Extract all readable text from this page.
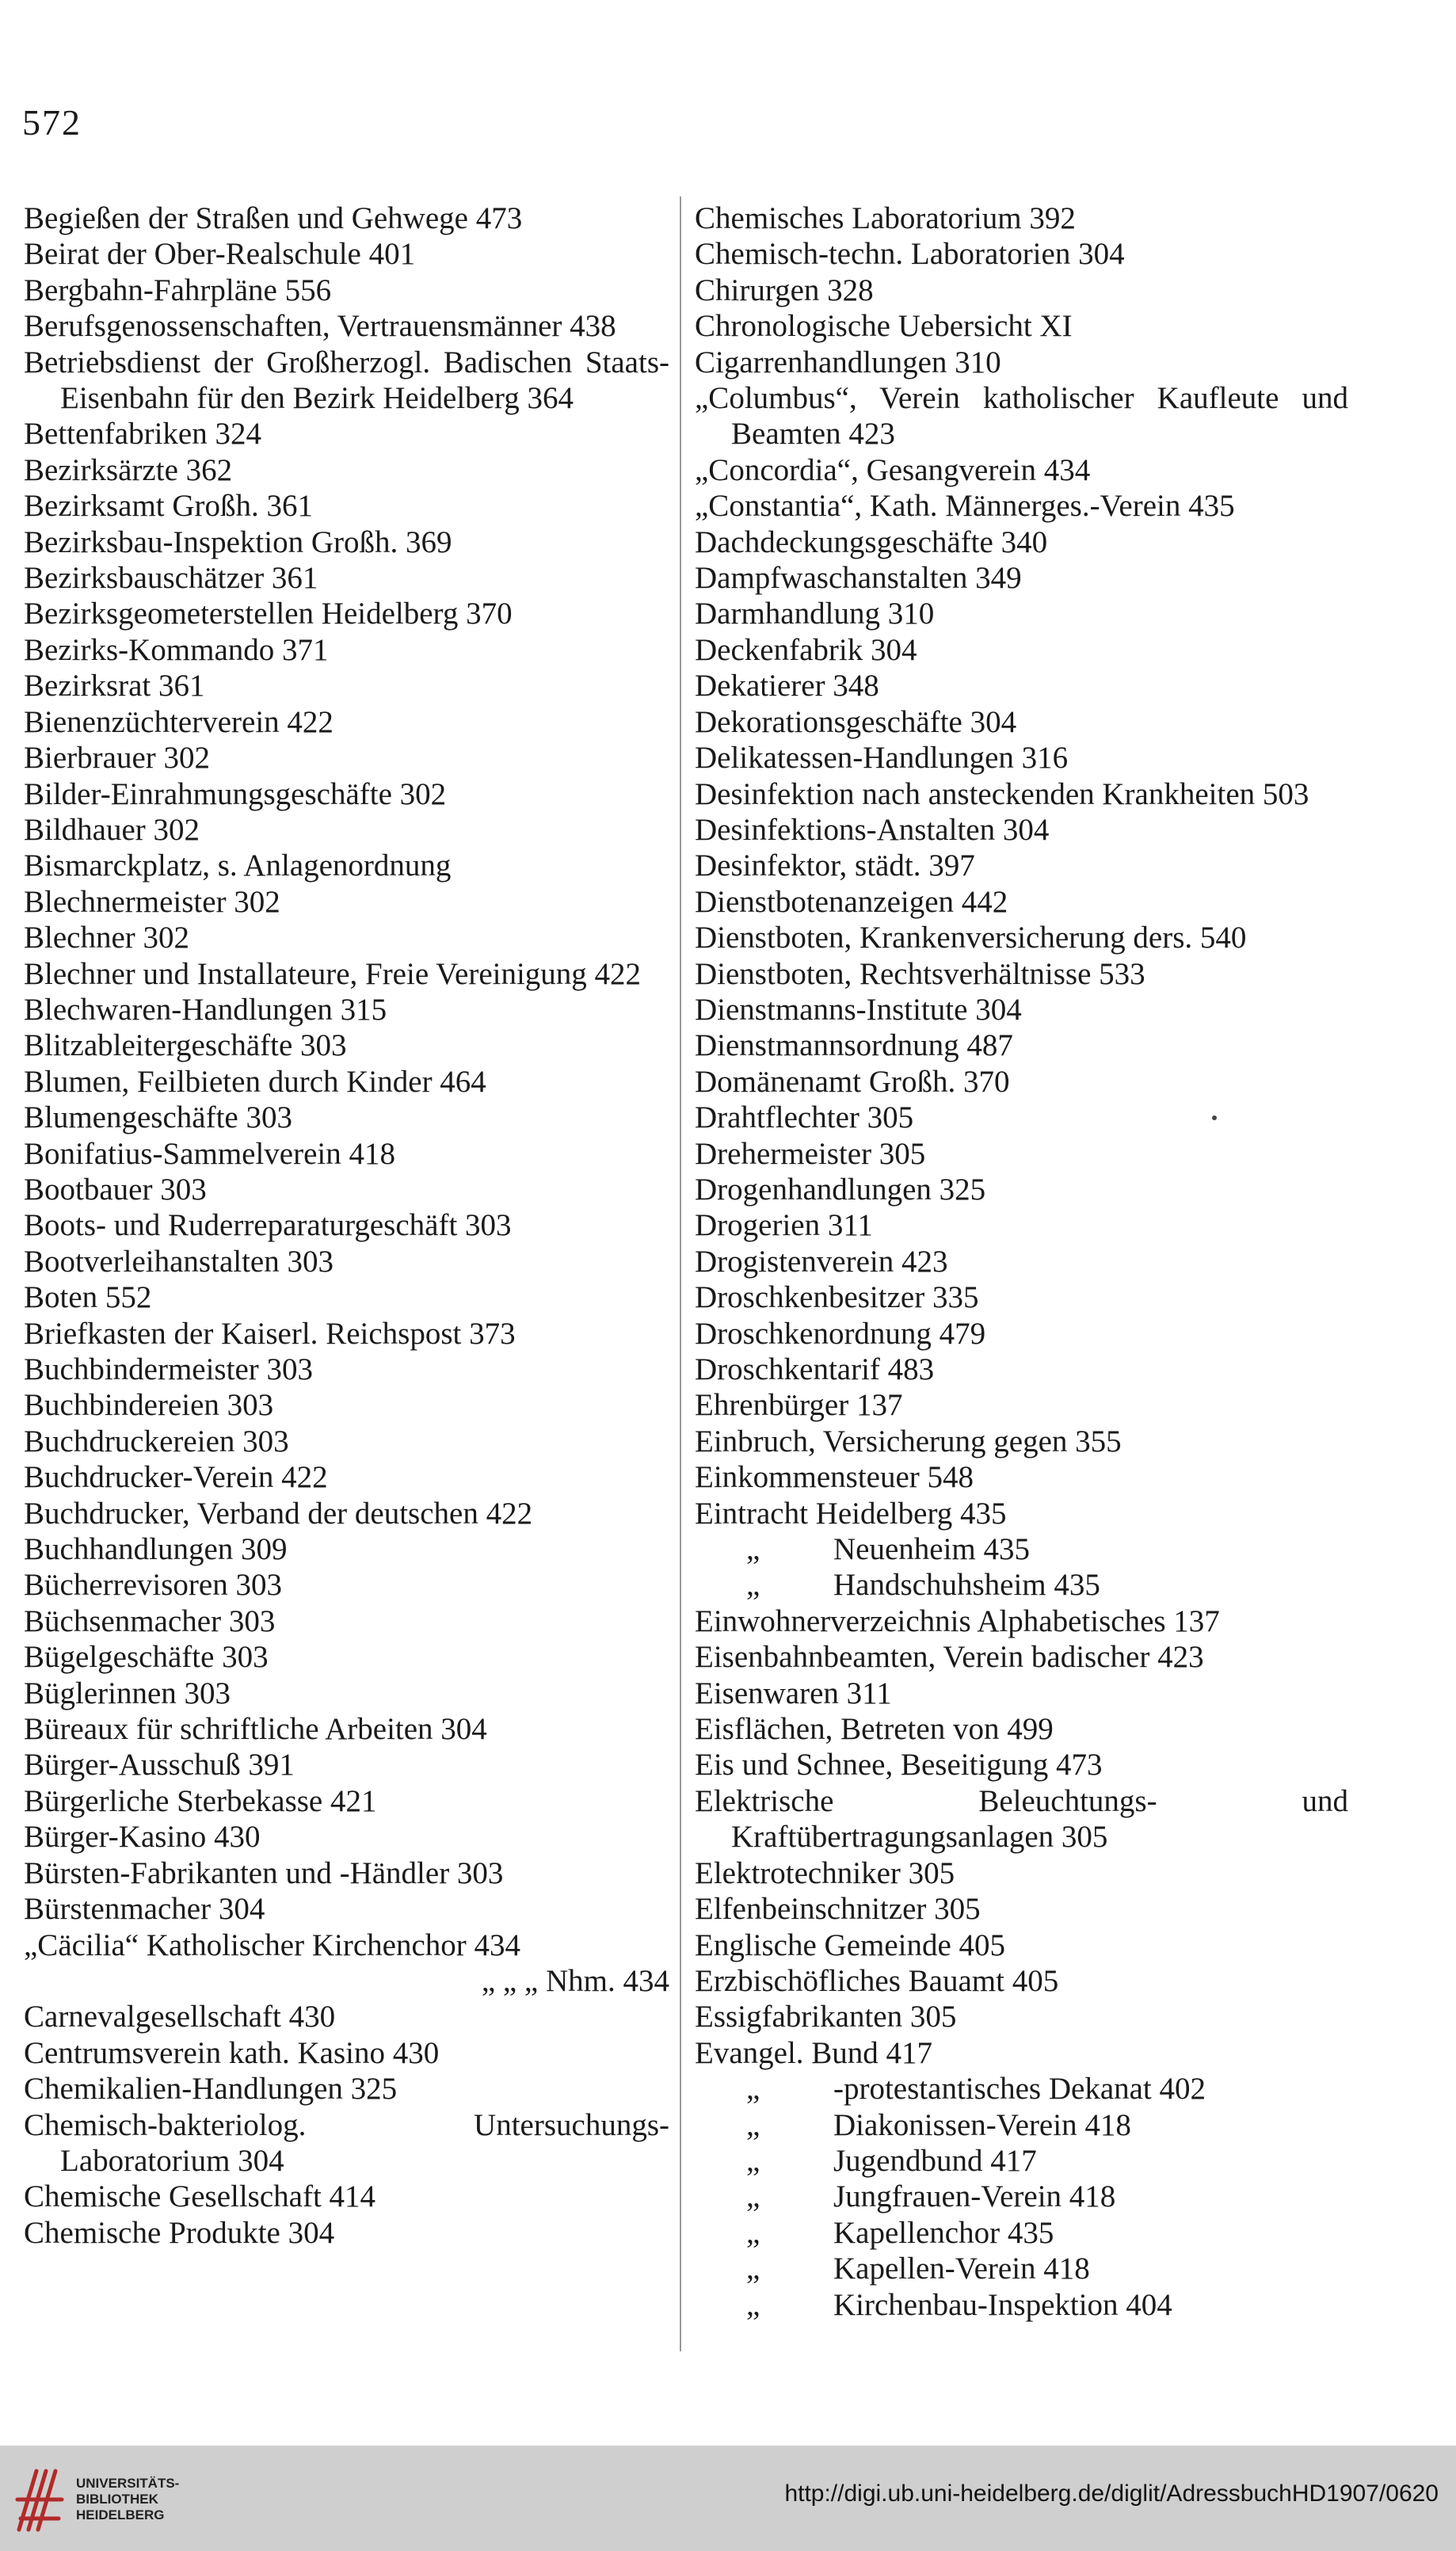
572
Begießen der Straßen und Gehwege 473
Beirat der Ober-Realschule 401
Bergbahn-Fahrpläne 556
Berufsgenossenschaften, Vertrauensmänner 438
Betriebsdienst der Großherzogl. Badischen Staats-Eisenbahn für den Bezirk Heidelberg 364
Bettenfabriken 324
Bezirksärzte 362
Bezirksamt Großh. 361
Bezirksbau-Inspektion Großh. 369
Bezirksbauschätzer 361
Bezirksgeometerstellen Heidelberg 370
Bezirks-Kommando 371
Bezirksrat 361
Bienenzüchterverein 422
Bierbrauer 302
Bilder-Einrahmungsgeschäfte 302
Bildhauer 302
Bismarckplatz, s. Anlagenordnung
Blechnermeister 302
Blechner 302
Blechner und Installateure, Freie Vereinigung 422
Blechwaren-Handlungen 315
Blitzableitergeschäfte 303
Blumen, Feilbieten durch Kinder 464
Blumengeschäfte 303
Bonifatius-Sammelverein 418
Bootbauer 303
Boots- und Ruderreparaturgeschäft 303
Bootverleihanstalten 303
Boten 552
Briefkasten der Kaiserl. Reichspost 373
Buchbindermeister 303
Buchbindereien 303
Buchdruckereien 303
Buchdrucker-Verein 422
Buchdrucker, Verband der deutschen 422
Buchhandlungen 309
Bücherrevisoren 303
Büchsenmacher 303
Bügelgeschäfte 303
Büglerinnen 303
Büreaux für schriftliche Arbeiten 304
Bürger-Ausschuß 391
Bürgerliche Sterbekasse 421
Bürger-Kasino 430
Bürsten-Fabrikanten und -Händler 303
Bürstenmacher 304
„Cäcilia“ Katholischer Kirchenchor 434
„ „ „ Nhm. 434
Carnevalgesellschaft 430
Centrumsverein kath. Kasino 430
Chemikalien-Handlungen 325
Chemisch-bakteriolog. Untersuchungs-Laboratorium 304
Chemische Gesellschaft 414
Chemische Produkte 304
Chemisches Laboratorium 392
Chemisch-techn. Laboratorien 304
Chirurgen 328
Chronologische Uebersicht XI
Cigarrenhandlungen 310
„Columbus“, Verein katholischer Kaufleute und Beamten 423
„Concordia“, Gesangverein 434
„Constantia“, Kath. Männerges.-Verein 435
Dachdeckungsgeschäfte 340
Dampfwaschanstalten 349
Darmhandlung 310
Deckenfabrik 304
Dekatierer 348
Dekorationsgeschäfte 304
Delikatessen-Handlungen 316
Desinfektion nach ansteckenden Krankheiten 503
Desinfektions-Anstalten 304
Desinfektor, städt. 397
Dienstbotenanzeigen 442
Dienstboten, Krankenversicherung ders. 540
Dienstboten, Rechtsverhältnisse 533
Dienstmanns-Institute 304
Dienstmannsordnung 487
Domänenamt Großh. 370
Drahtflechter 305
Drehermeister 305
Drogenhandlungen 325
Drogerien 311
Drogistenverein 423
Droschkenbesitzer 335
Droschkenordnung 479
Droschkentarif 483
Ehrenbürger 137
Einbruch, Versicherung gegen 355
Einkommensteuer 548
Eintracht Heidelberg 435
„ Neuenheim 435
„ Handschuhsheim 435
Einwohnerverzeichnis Alphabetisches 137
Eisenbahnbeamten, Verein badischer 423
Eisenwaren 311
Eisflächen, Betreten von 499
Eis und Schnee, Beseitigung 473
Elektrische Beleuchtungs- und Kraftübertragungsanlagen 305
Elektrotechniker 305
Elfenbeinschnitzer 305
Englische Gemeinde 405
Erzbischöfliches Bauamt 405
Essigfabrikanten 305
Evangel. Bund 417
„ -protestantisches Dekanat 402
„ Diakonissen-Verein 418
„ Jugendbund 417
„ Jungfrauen-Verein 418
„ Kapellenchor 435
„ Kapellen-Verein 418
„ Kirchenbau-Inspektion 404
UNIVERSITÄTS-
BIBLIOTHEK
HEIDELBERG
http://digi.ub.uni-heidelberg.de/diglit/AdressbuchHD1907/0620
